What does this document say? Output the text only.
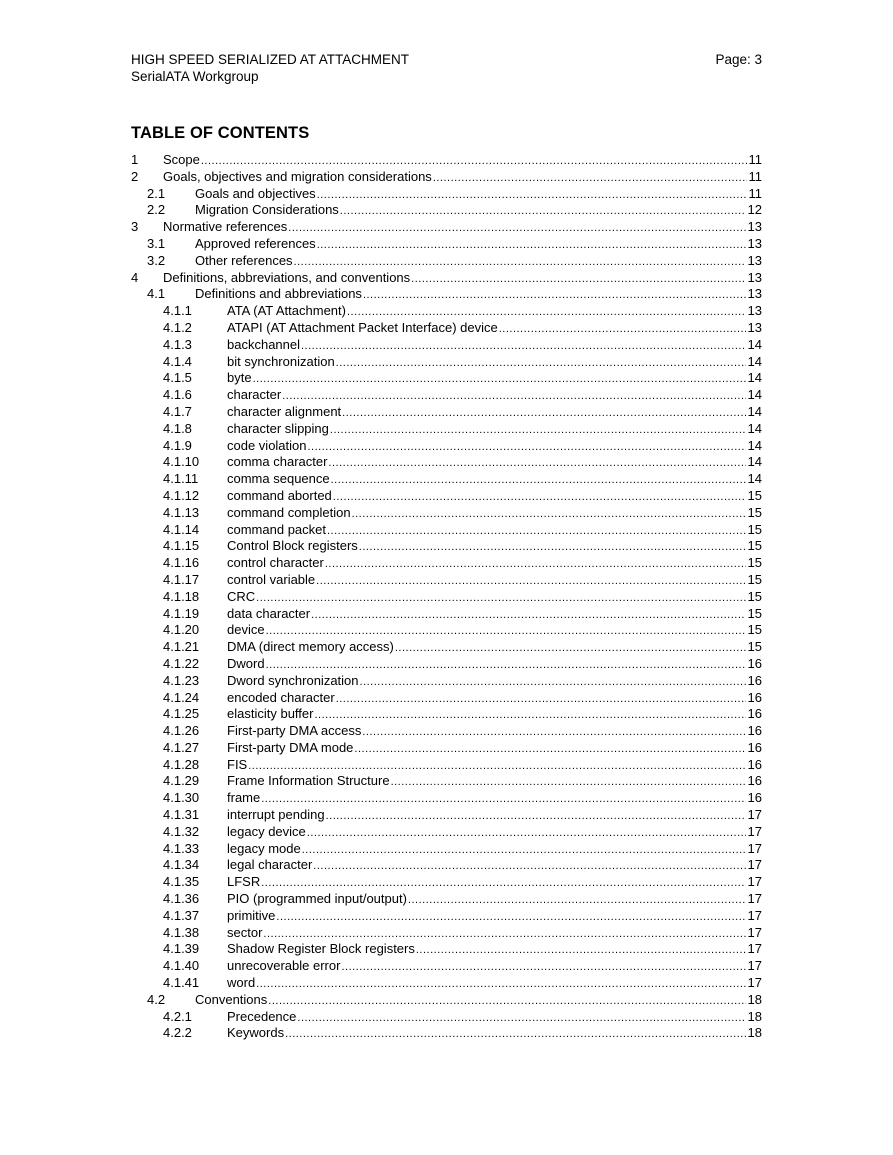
HIGH SPEED SERIALIZED AT ATTACHMENT	Page: 3
SerialATA Workgroup
TABLE OF CONTENTS
1	Scope .....	11
2	Goals, objectives and migration considerations .....	11
2.1	Goals and objectives .....	11
2.2	Migration Considerations .....	12
3	Normative references .....	13
3.1	Approved references .....	13
3.2	Other references .....	13
4	Definitions, abbreviations, and conventions .....	13
4.1	Definitions and abbreviations .....	13
4.1.1	ATA (AT Attachment) .....	13
4.1.2	ATAPI (AT Attachment Packet Interface) device .....	13
4.1.3	backchannel .....	14
4.1.4	bit synchronization .....	14
4.1.5	byte .....	14
4.1.6	character .....	14
4.1.7	character alignment .....	14
4.1.8	character slipping .....	14
4.1.9	code violation .....	14
4.1.10	comma character .....	14
4.1.11	comma sequence .....	14
4.1.12	command aborted .....	15
4.1.13	command completion .....	15
4.1.14	command packet .....	15
4.1.15	Control Block registers .....	15
4.1.16	control character .....	15
4.1.17	control variable .....	15
4.1.18	CRC .....	15
4.1.19	data character .....	15
4.1.20	device .....	15
4.1.21	DMA (direct memory access) .....	15
4.1.22	Dword .....	16
4.1.23	Dword synchronization .....	16
4.1.24	encoded character .....	16
4.1.25	elasticity buffer .....	16
4.1.26	First-party DMA access .....	16
4.1.27	First-party DMA mode .....	16
4.1.28	FIS .....	16
4.1.29	Frame Information Structure .....	16
4.1.30	frame .....	16
4.1.31	interrupt pending .....	17
4.1.32	legacy device .....	17
4.1.33	legacy mode .....	17
4.1.34	legal character .....	17
4.1.35	LFSR .....	17
4.1.36	PIO (programmed input/output) .....	17
4.1.37	primitive .....	17
4.1.38	sector .....	17
4.1.39	Shadow Register Block registers .....	17
4.1.40	unrecoverable error .....	17
4.1.41	word .....	17
4.2	Conventions .....	18
4.2.1	Precedence .....	18
4.2.2	Keywords .....	18
